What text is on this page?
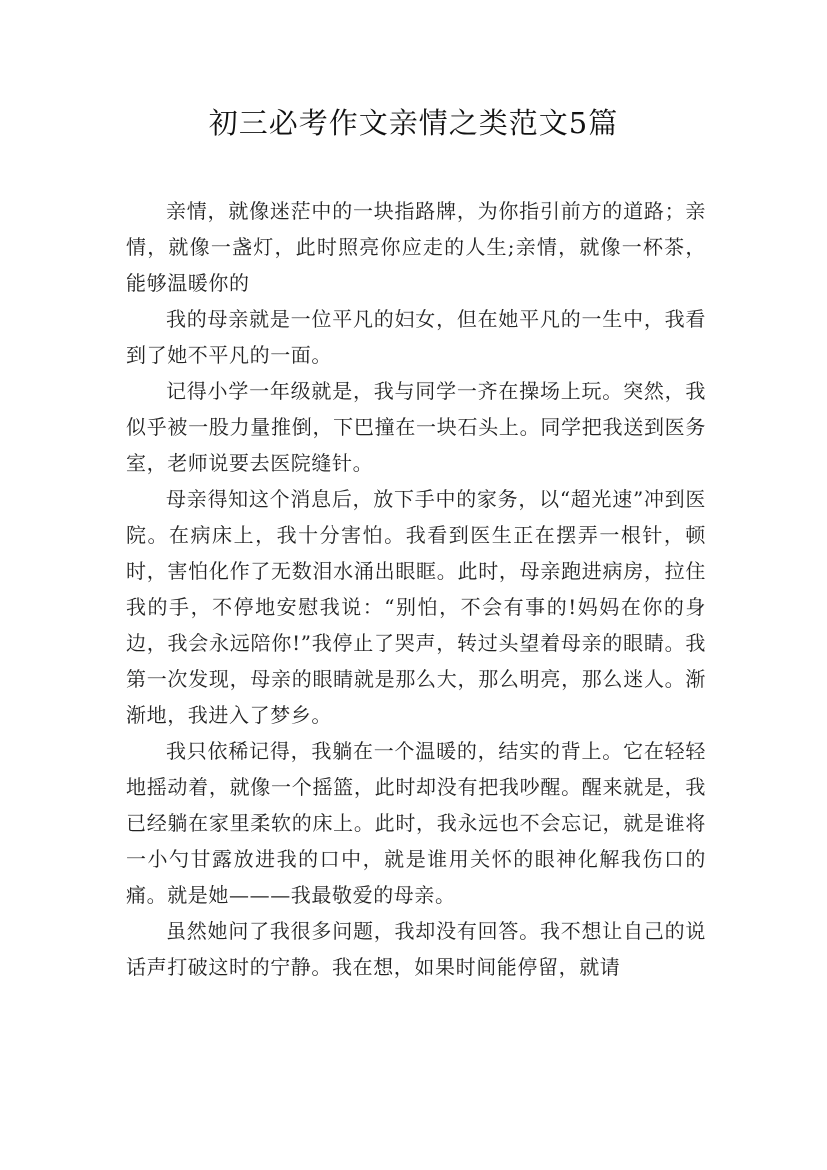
初三必考作文亲情之类范文5篇

亲情，就像迷茫中的一块指路牌，为你指引前方的道路；亲情，就像一盏灯，此时照亮你应走的人生;亲情，就像一杯茶，能够温暖你的

我的母亲就是一位平凡的妇女，但在她平凡的一生中，我看到了她不平凡的一面。

记得小学一年级就是，我与同学一齐在操场上玩。突然，我似乎被一股力量推倒，下巴撞在一块石头上。同学把我送到医务室，老师说要去医院缝针。

母亲得知这个消息后，放下手中的家务，以“超光速”冲到医院。在病床上，我十分害怕。我看到医生正在摆弄一根针，顿时，害怕化作了无数泪水涌出眼眶。此时，母亲跑进病房，拉住我的手，不停地安慰我说：“别怕，不会有事的!妈妈在你的身边，我会永远陪你!”我停止了哭声，转过头望着母亲的眼睛。我第一次发现，母亲的眼睛就是那么大，那么明亮，那么迷人。渐渐地，我进入了梦乡。

我只依稀记得，我躺在一个温暖的，结实的背上。它在轻轻地摇动着，就像一个摇篮，此时却没有把我吵醒。醒来就是，我已经躺在家里柔软的床上。此时，我永远也不会忘记，就是谁将一小勺甘露放进我的口中，就是谁用关怀的眼神化解我伤口的痛。就是她———我最敬爱的母亲。

虽然她问了我很多问题，我却没有回答。我不想让自己的说话声打破这时的宁静。我在想，如果时间能停留，就请
